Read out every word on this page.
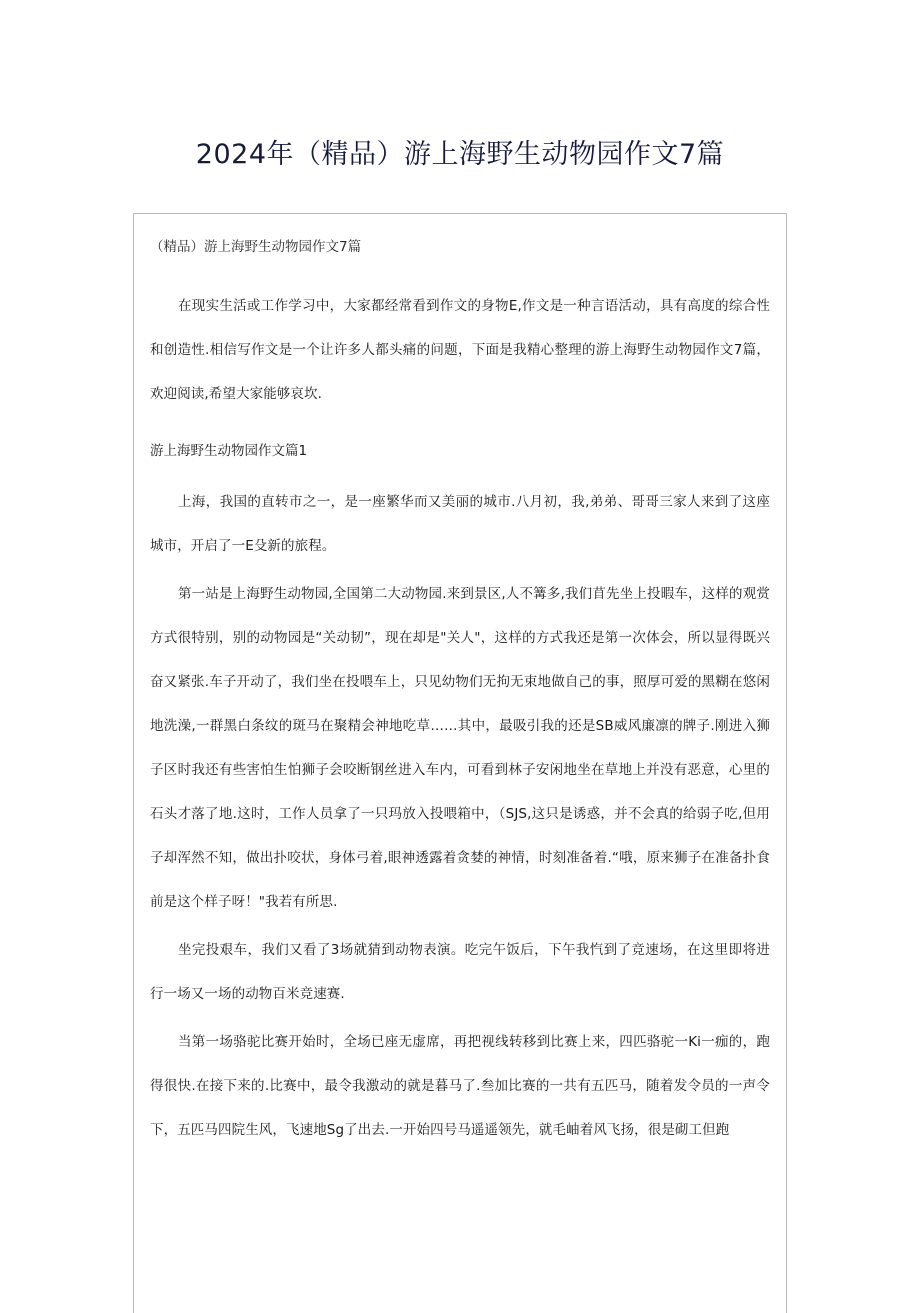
2024年（精品）游上海野生动物园作文7篇
（精品）游上海野生动物园作文7篇

在现实生活或工作学习中，大家都经常看到作文的身物E,作文是一种言语活动，具有高度的综合性和创造性.相信写作文是一个让许多人都头痛的问题，下面是我精心整理的游上海野生动物园作文7篇，欢迎阅读,希望大家能够哀坎.

游上海野生动物园作文篇1

上海，我国的直转市之一，是一座繁华而又美丽的城市.八月初，我,弟弟、哥哥三家人来到了这座城市，开启了一E殳新的旅程。

第一站是上海野生动物园,全国第二大动物园.来到景区,人不篝多,我们苜先坐上投暇车，这样的观赏方式很特别，别的动物园是“关动韧”，现在却是"关人"，这样的方式我还是第一次体会，所以显得既兴奋又紧张.车子开动了，我们坐在投喂车上，只见幼物们无拘无束地做自己的事，照厚可爱的黑糊在悠闲地洗澡,一群黑白条纹的斑马在聚精会神地吃草……其中，最吸引我的还是SB威风廉凛的牌子.刚进入狮子区时我还有些害怕生怕狮子会咬断钢丝进入车内，可看到林子安闲地坐在草地上并没有恶意，心里的石头才落了地.这时，工作人员拿了一只玛放入投喂箱中，（SJS,这只是诱惑，并不会真的给弱子吃,但用子却浑然不知，做出扑咬状，身体弓着,眼神透露着贪婪的神情，时刻准备着.“哦，原来狮子在准备扑食前是这个样子呀！"我若有所思.

坐完投艰车，我们又看了3场就猜到动物表演。吃完午饭后，下午我忾到了竞速场，在这里即将进行一场又一场的动物百米竞速赛.

当第一场骆驼比赛开始时，全场已座无虚席，再把视线转移到比赛上来，四匹骆驼一Ki一痂的，跑得很快.在接下来的.比赛中，最令我激动的就是暮马了.叁加比赛的一共有五匹马，随着发令员的一声令下，五匹马四院生风，飞速地Sg了出去.一开始四号马遥遥领先，就毛岫着风飞扬，很是砌工但跑
